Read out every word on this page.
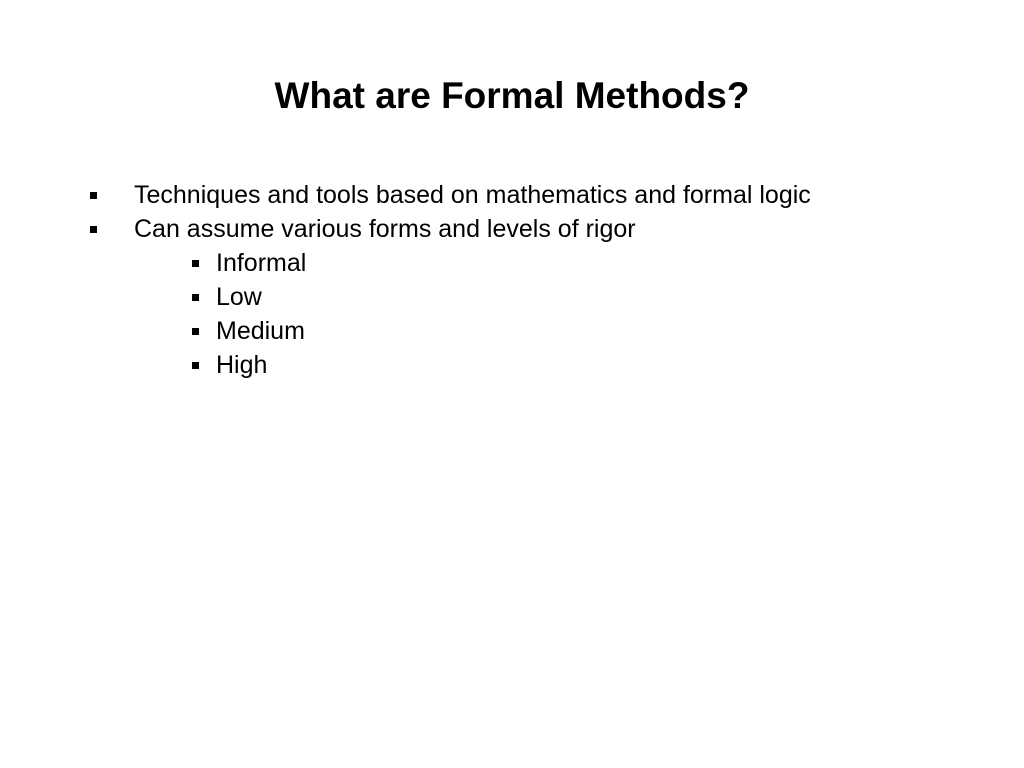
What are Formal Methods?
Techniques and tools based on mathematics and formal logic
Can assume various forms and levels of rigor
Informal
Low
Medium
High
